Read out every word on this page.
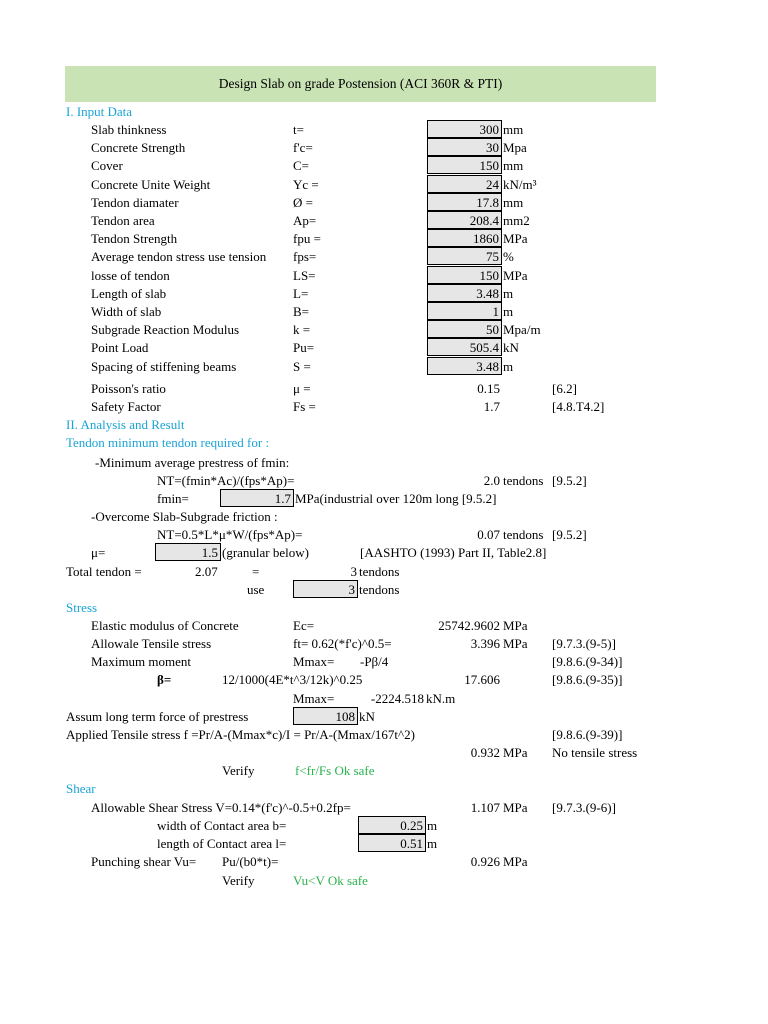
Design Slab on grade Postension (ACI 360R & PTI)
I. Input Data
Slab thinkness	t=	300 mm
Concrete Strength	f'c=	30 Mpa
Cover	C=	150 mm
Concrete Unite Weight	Yc =	24 kN/m³
Tendon diamater	Ø =	17.8 mm
Tendon area	Ap=	208.4 mm2
Tendon Strength	fpu =	1860 MPa
Average tendon stress use tension fps=	75 %
losse of tendon	LS=	150 MPa
Length of slab	L=	3.48 m
Width of slab	B=	1 m
Subgrade Reaction Modulus	k =	50 Mpa/m
Point Load	Pu=	505.4 kN
Spacing of stiffening beams	S =	3.48 m
Poisson's ratio	μ =	0.15	[6.2]
Safety Factor	Fs =	1.7	[4.8.T4.2]
II. Analysis and Result
Tendon minimum tendon required for :
-Minimum average prestress of fmin:
NT=(fmin*Ac)/(fps*Ap)=	2.0 tendons [9.5.2]
fmin=	1.7 MPa(industrial over 120m long [9.5.2]
-Overcome Slab-Subgrade friction :
NT=0.5*L*μ*W/(fps*Ap)=	0.07 tendons [9.5.2]
μ=	1.5 (granular below)	[AASHTO (1993) Part II, Table2.8]
Total tendon =	2.07	=	3 tendons
use	3 tendons
Stress
Elastic modulus of Concrete	Ec=	25742.9602 MPa
Allowale Tensile stress	ft= 0.62(*f'c)^0.5=	3.396 MPa [9.7.3.(9-5)]
Maximum moment	Mmax= -Pβ/4	[9.8.6.(9-34)]
β=	12/1000(4E*t^3/12k)^0.25	17.606	[9.8.6.(9-35)]
Mmax=	-2224.518 kN.m
Assum long term force of prestress	108 kN
Applied Tensile stress f =Pr/A-(Mmax*c)/I = Pr/A-(Mmax/167t^2)	[9.8.6.(9-39)]
0.932 MPa No tensile stress
Verify	f<fr/Fs Ok safe
Shear
Allowable Shear Stress V=0.14*(f'c)^-0.5+0.2fp=	1.107 MPa [9.7.3.(9-6)]
width of Contact area b=	0.25 m
length of Contact area l=	0.51 m
Punching shear Vu= Pu/(b0*t)=	0.926 MPa
Verify	Vu<V Ok safe
